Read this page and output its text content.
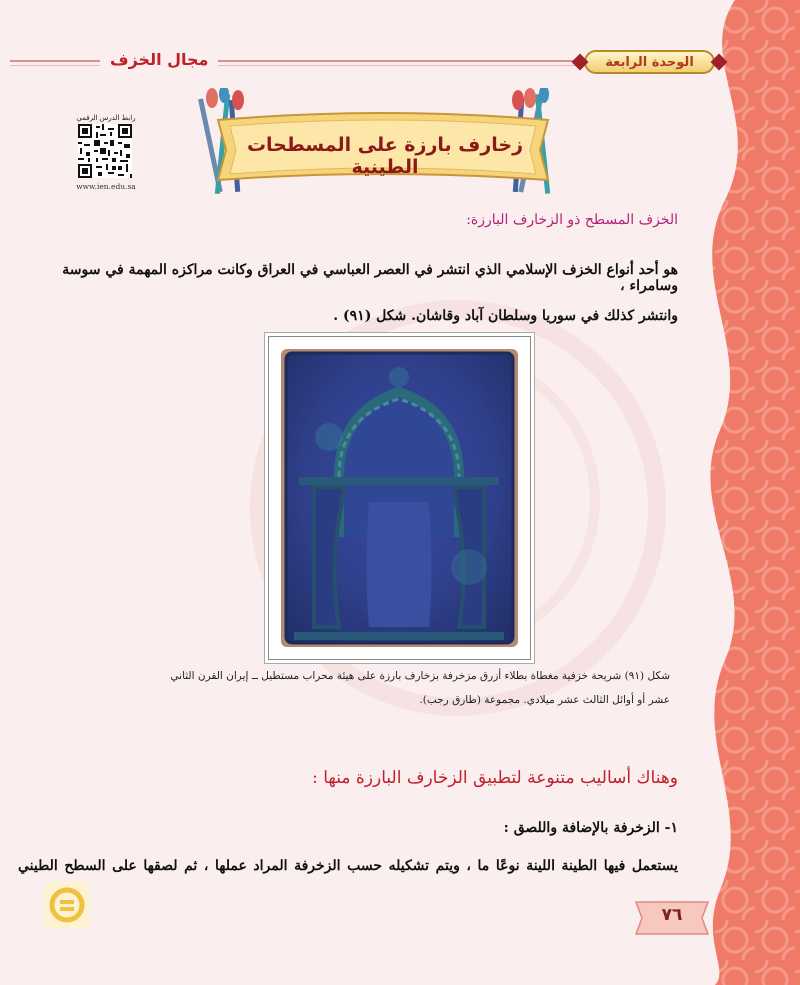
مجال الخزف	الوحدة الرابعة
رابط الدرس الرقمي
www.ien.edu.sa
زخارف بارزة على المسطحات الطينية
الخزف المسطح ذو الزخارف البارزة:
هو أحد أنواع الخزف الإسلامي الذي انتشر في العصر العباسي في العراق وكانت مراكزه المهمة في سوسة وسامراء ،
وانتشر كذلك في سوريا وسلطان آباد وقاشان. شكل (٩١) .
شكل (٩١) شريحة خزفية مغطاة بطلاء أزرق مزخرفة بزخارف بارزة على هيئة محراب مستطيل ــ إيران القرن الثاني
عشر أو أوائل الثالث عشر ميلادي. مجموعة (طارق رجب).
وهناك أساليب متنوعة لتطبيق الزخارف البارزة منها :
١- الزخرفة بالإضافة واللصق :
يستعمل فيها الطينة اللينة نوعًا ما ، ويتم تشكيله حسب الزخرفة المراد عملها ، ثم لصقها على السطح الطيني
٧٦
